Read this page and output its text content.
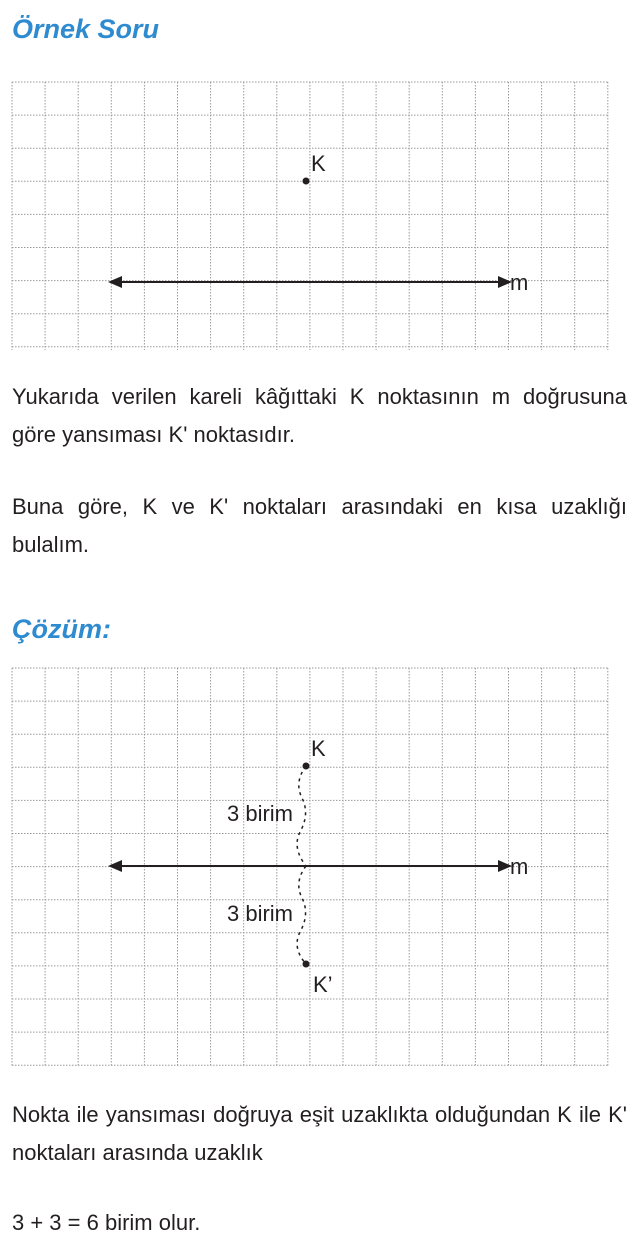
Örnek Soru
K
m

Yukarıda verilen kareli kâğıttaki K noktasının m doğrusuna göre yansıması K' noktasıdır.

Buna göre, K ve K' noktaları arasındaki en kısa uzaklığı bulalım.

Çözüm:
K
K’
m
3 birim
3 birim

Nokta ile yansıması doğruya eşit uzaklıkta olduğundan K ile K' noktaları arasında uzaklık

3 + 3 = 6 birim olur.
